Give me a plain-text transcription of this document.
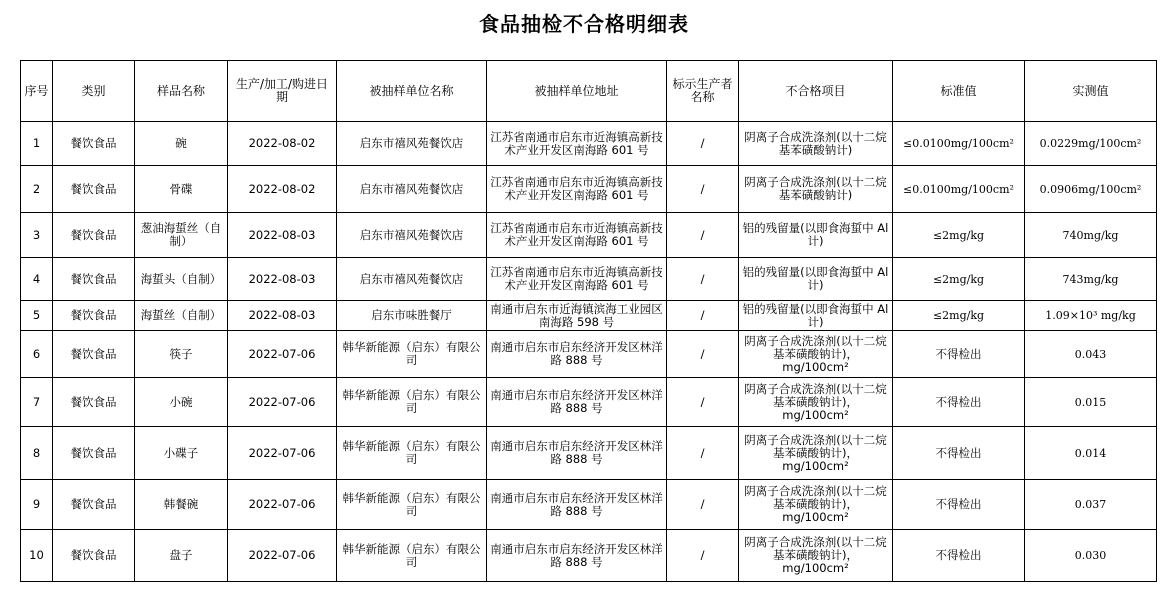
食品抽检不合格明细表
序号	类别	样品名称	生产/加工/购进日期	被抽样单位名称	被抽样单位地址	标示生产者名称	不合格项目	标准值	实测值
1	餐饮食品	碗	2022-08-02	启东市禧风苑餐饮店	江苏省南通市启东市近海镇高新技术产业开发区南海路 601 号	/	阴离子合成洗涤剂(以十二烷基苯磺酸钠计)	≤0.0100mg/100cm²	0.0229mg/100cm²
2	餐饮食品	骨碟	2022-08-02	启东市禧风苑餐饮店	江苏省南通市启东市近海镇高新技术产业开发区南海路 601 号	/	阴离子合成洗涤剂(以十二烷基苯磺酸钠计)	≤0.0100mg/100cm²	0.0906mg/100cm²
3	餐饮食品	葱油海蜇丝（自制）	2022-08-03	启东市禧风苑餐饮店	江苏省南通市启东市近海镇高新技术产业开发区南海路 601 号	/	铝的残留量(以即食海蜇中 Al 计)	≤2mg/kg	740mg/kg
4	餐饮食品	海蜇头（自制）	2022-08-03	启东市禧风苑餐饮店	江苏省南通市启东市近海镇高新技术产业开发区南海路 601 号	/	铝的残留量(以即食海蜇中 Al 计)	≤2mg/kg	743mg/kg
5	餐饮食品	海蜇丝（自制）	2022-08-03	启东市味胜餐厅	南通市启东市近海镇滨海工业园区南海路 598 号	/	铝的残留量(以即食海蜇中 Al 计)	≤2mg/kg	1.09×10³ mg/kg
6	餐饮食品	筷子	2022-07-06	韩华新能源（启东）有限公司	南通市启东市启东经济开发区林洋路 888 号	/	阴离子合成洗涤剂(以十二烷基苯磺酸钠计)，mg/100cm²	不得检出	0.043
7	餐饮食品	小碗	2022-07-06	韩华新能源（启东）有限公司	南通市启东市启东经济开发区林洋路 888 号	/	阴离子合成洗涤剂(以十二烷基苯磺酸钠计)，mg/100cm²	不得检出	0.015
8	餐饮食品	小碟子	2022-07-06	韩华新能源（启东）有限公司	南通市启东市启东经济开发区林洋路 888 号	/	阴离子合成洗涤剂(以十二烷基苯磺酸钠计)，mg/100cm²	不得检出	0.014
9	餐饮食品	韩餐碗	2022-07-06	韩华新能源（启东）有限公司	南通市启东市启东经济开发区林洋路 888 号	/	阴离子合成洗涤剂(以十二烷基苯磺酸钠计)，mg/100cm²	不得检出	0.037
10	餐饮食品	盘子	2022-07-06	韩华新能源（启东）有限公司	南通市启东市启东经济开发区林洋路 888 号	/	阴离子合成洗涤剂(以十二烷基苯磺酸钠计)，mg/100cm²	不得检出	0.030
